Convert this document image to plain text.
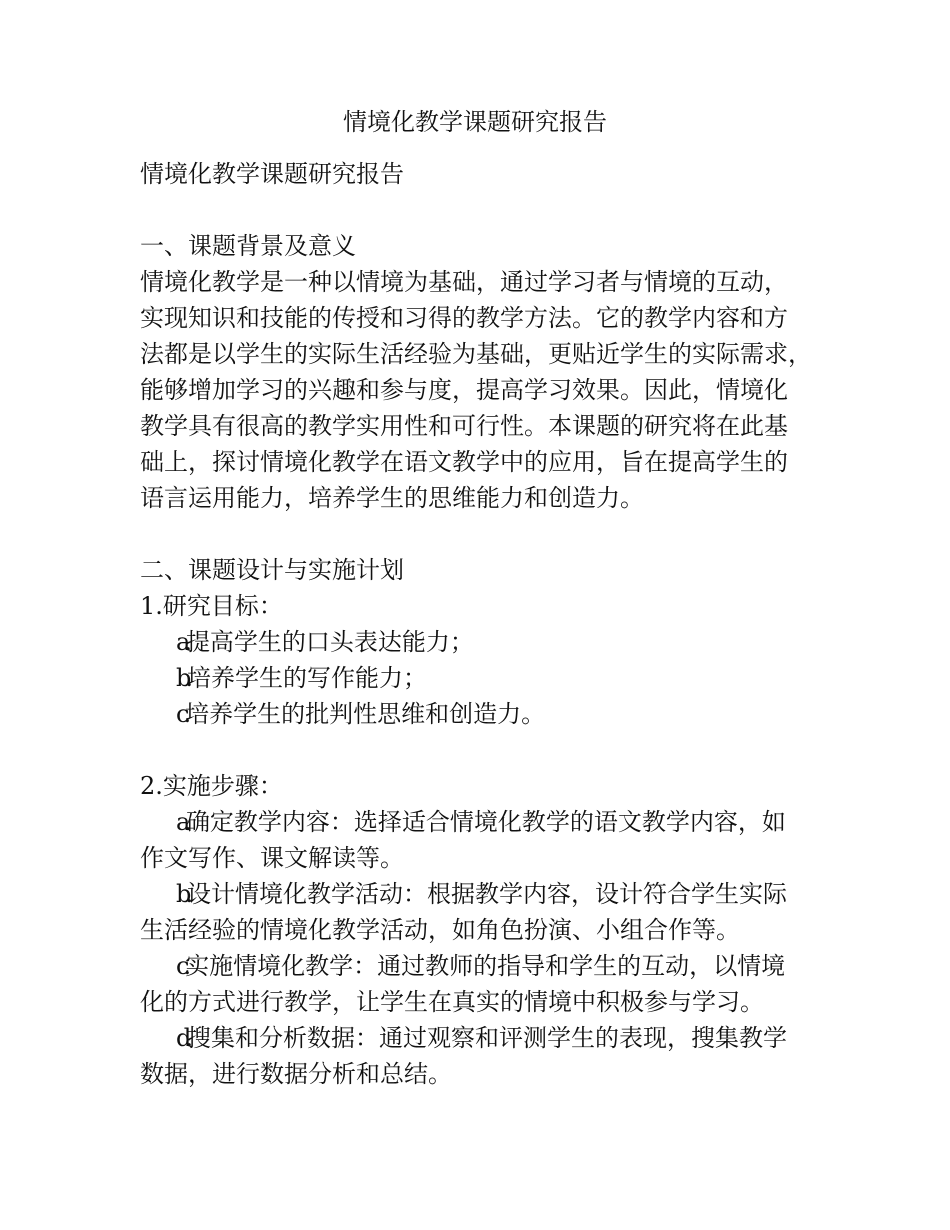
情境化教学课题研究报告
情境化教学课题研究报告
一、课题背景及意义
情境化教学是一种以情境为基础，通过学习者与情境的互动，
实现知识和技能的传授和习得的教学方法。它的教学内容和方
法都是以学生的实际生活经验为基础，更贴近学生的实际需求，
能够增加学习的兴趣和参与度，提高学习效果。因此，情境化
教学具有很高的教学实用性和可行性。本课题的研究将在此基
础上，探讨情境化教学在语文教学中的应用，旨在提高学生的
语言运用能力，培养学生的思维能力和创造力。
二、课题设计与实施计划
1.研究目标：
a.提高学生的口头表达能力；
b.培养学生的写作能力；
c.培养学生的批判性思维和创造力。
2.实施步骤：
a.确定教学内容：选择适合情境化教学的语文教学内容，如
作文写作、课文解读等。
b.设计情境化教学活动：根据教学内容，设计符合学生实际
生活经验的情境化教学活动，如角色扮演、小组合作等。
c.实施情境化教学：通过教师的指导和学生的互动，以情境
化的方式进行教学，让学生在真实的情境中积极参与学习。
d.搜集和分析数据：通过观察和评测学生的表现，搜集教学
数据，进行数据分析和总结。
